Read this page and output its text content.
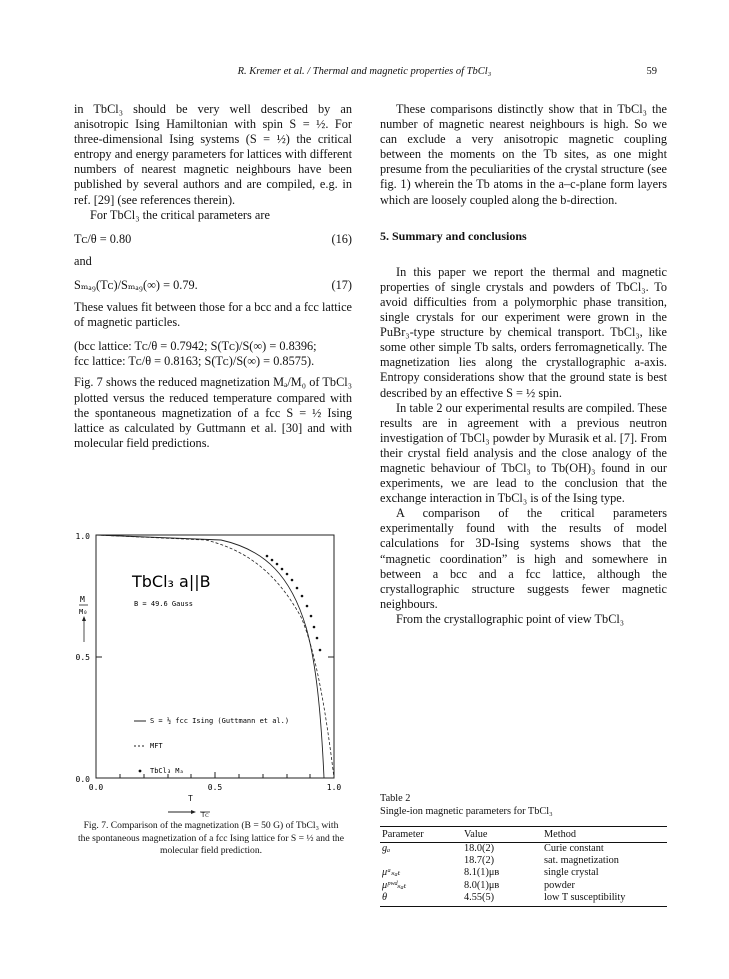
R. Kremer et al. / Thermal and magnetic properties of TbCl₃	59

in TbCl₃ should be very well described by an anisotropic Ising Hamiltonian with spin S = ½. For three-dimensional Ising systems (S = ½) the critical entropy and energy parameters for lattices with different numbers of nearest magnetic neighbours have been published by several authors and are compiled, e.g. in ref. [29] (see references therein).

For TbCl₃ the critical parameters are

Tᴄ/θ = 0.80	(16)

and

Sₘₐ₉(Tᴄ)/Sₘₐ₉(∞) = 0.79.	(17)

These values fit between those for a bcc and a fcc lattice of magnetic particles.

(bcc lattice: Tᴄ/θ = 0.7942; S(Tᴄ)/S(∞) = 0.8396;

fcc lattice: Tᴄ/θ = 0.8163; S(Tᴄ)/S(∞) = 0.8575).

Fig. 7 shows the reduced magnetization Mₐ/M₀ of TbCl₃ plotted versus the reduced temperature compared with the spontaneous magnetization of a fcc S = ½ Ising lattice as calculated by Guttmann et al. [30] and with molecular field predictions.

0.0
0.5
1.0
0.0	0.5	1.0
M
M₀
TbCl₃ a||B
B = 49.6 Gauss
S = ½ fcc Ising (Guttmann et al.)
MFT
TbCl₃ Mₐ
T
Tᴄ
Fig. 7. Comparison of the magnetization (B = 50 G) of TbCl₃ with the spontaneous magnetization of a fcc Ising lattice for S = ½ and the molecular field prediction.

These comparisons distinctly show that in TbCl₃ the number of magnetic nearest neighbours is high. So we can exclude a very anisotropic magnetic coupling between the moments on the Tb sites, as one might presume from the peculiarities of the crystal structure (see fig. 1) wherein the Tb atoms in the a–c-plane form layers which are loosely coupled along the b-direction.

5. Summary and conclusions

In this paper we report the thermal and magnetic properties of single crystals and powders of TbCl₃. To avoid difficulties from a polymorphic phase transition, single crystals for our experiment were grown in the PuBr₃-type structure by chemical transport. TbCl₃, like some other simple Tb salts, orders ferromagnetically. The magnetization lies along the crystallographic a-axis. Entropy considerations show that the ground state is best described by an effective S = ½ spin.

In table 2 our experimental results are compiled. These results are in agreement with a previous neutron investigation of TbCl₃ powder by Murasik et al. [7]. From their crystal field analysis and the close analogy of the magnetic behaviour of TbCl₃ to Tb(OH)₃ found in our experiments, we are lead to the conclusion that the exchange interaction in TbCl₃ is of the Ising type.

A comparison of the critical parameters experimentally found with the results of model calculations for 3D-Ising systems shows that the “magnetic coordination” is high and somewhere in between a bcc and a fcc lattice, although the crystallographic structure suggests fewer magnetic neighbours.

From the crystallographic point of view TbCl₃

Table 2
Single-ion magnetic parameters for TbCl₃
Parameter	Value	Method
gₐ	18.0(2)	Curie constant
	18.7(2)	sat. magnetization
μᵃₛₐₜ	8.1(1)μʙ	single crystal
μᵖʷᵈₛₐₜ	8.0(1)μʙ	powder
θ	4.55(5)	low T susceptibility
